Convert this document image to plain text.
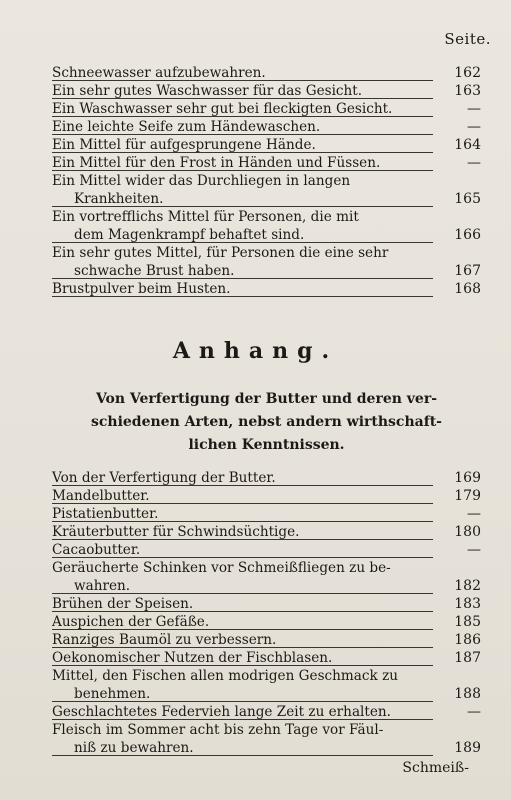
Seite.
Schneewasser aufzubewahren.	162
Ein sehr gutes Waschwasser für das Gesicht.	163
Ein Waschwasser sehr gut bei fleckigten Gesicht.	—
Eine leichte Seife zum Händewaschen.	—
Ein Mittel für aufgesprungene Hände.	164
Ein Mittel für den Frost in Händen und Füssen.	—
Ein Mittel wider das Durchliegen in langen
Krankheiten.	165
Ein vortrefflichs Mittel für Personen, die mit
dem Magenkrampf behaftet sind.	166
Ein sehr gutes Mittel, für Personen die eine sehr
schwache Brust haben.	167
Brustpulver beim Husten.	168
Anhang.
Von Verfertigung der Butter und deren ver-
schiedenen Arten, nebst andern wirthschaft-
lichen Kenntnissen.
Von der Verfertigung der Butter.	169
Mandelbutter.	179
Pistatienbutter.	—
Kräuterbutter für Schwindsüchtige.	180
Cacaobutter.	—
Geräucherte Schinken vor Schmeißfliegen zu be-
wahren.	182
Brühen der Speisen.	183
Auspichen der Gefäße.	185
Ranziges Baumöl zu verbessern.	186
Oekonomischer Nutzen der Fischblasen.	187
Mittel, den Fischen allen modrigen Geschmack zu
benehmen.	188
Geschlachtetes Federvieh lange Zeit zu erhalten.	—
Fleisch im Sommer acht bis zehn Tage vor Fäul-
niß zu bewahren.	189
Schmeiß-
